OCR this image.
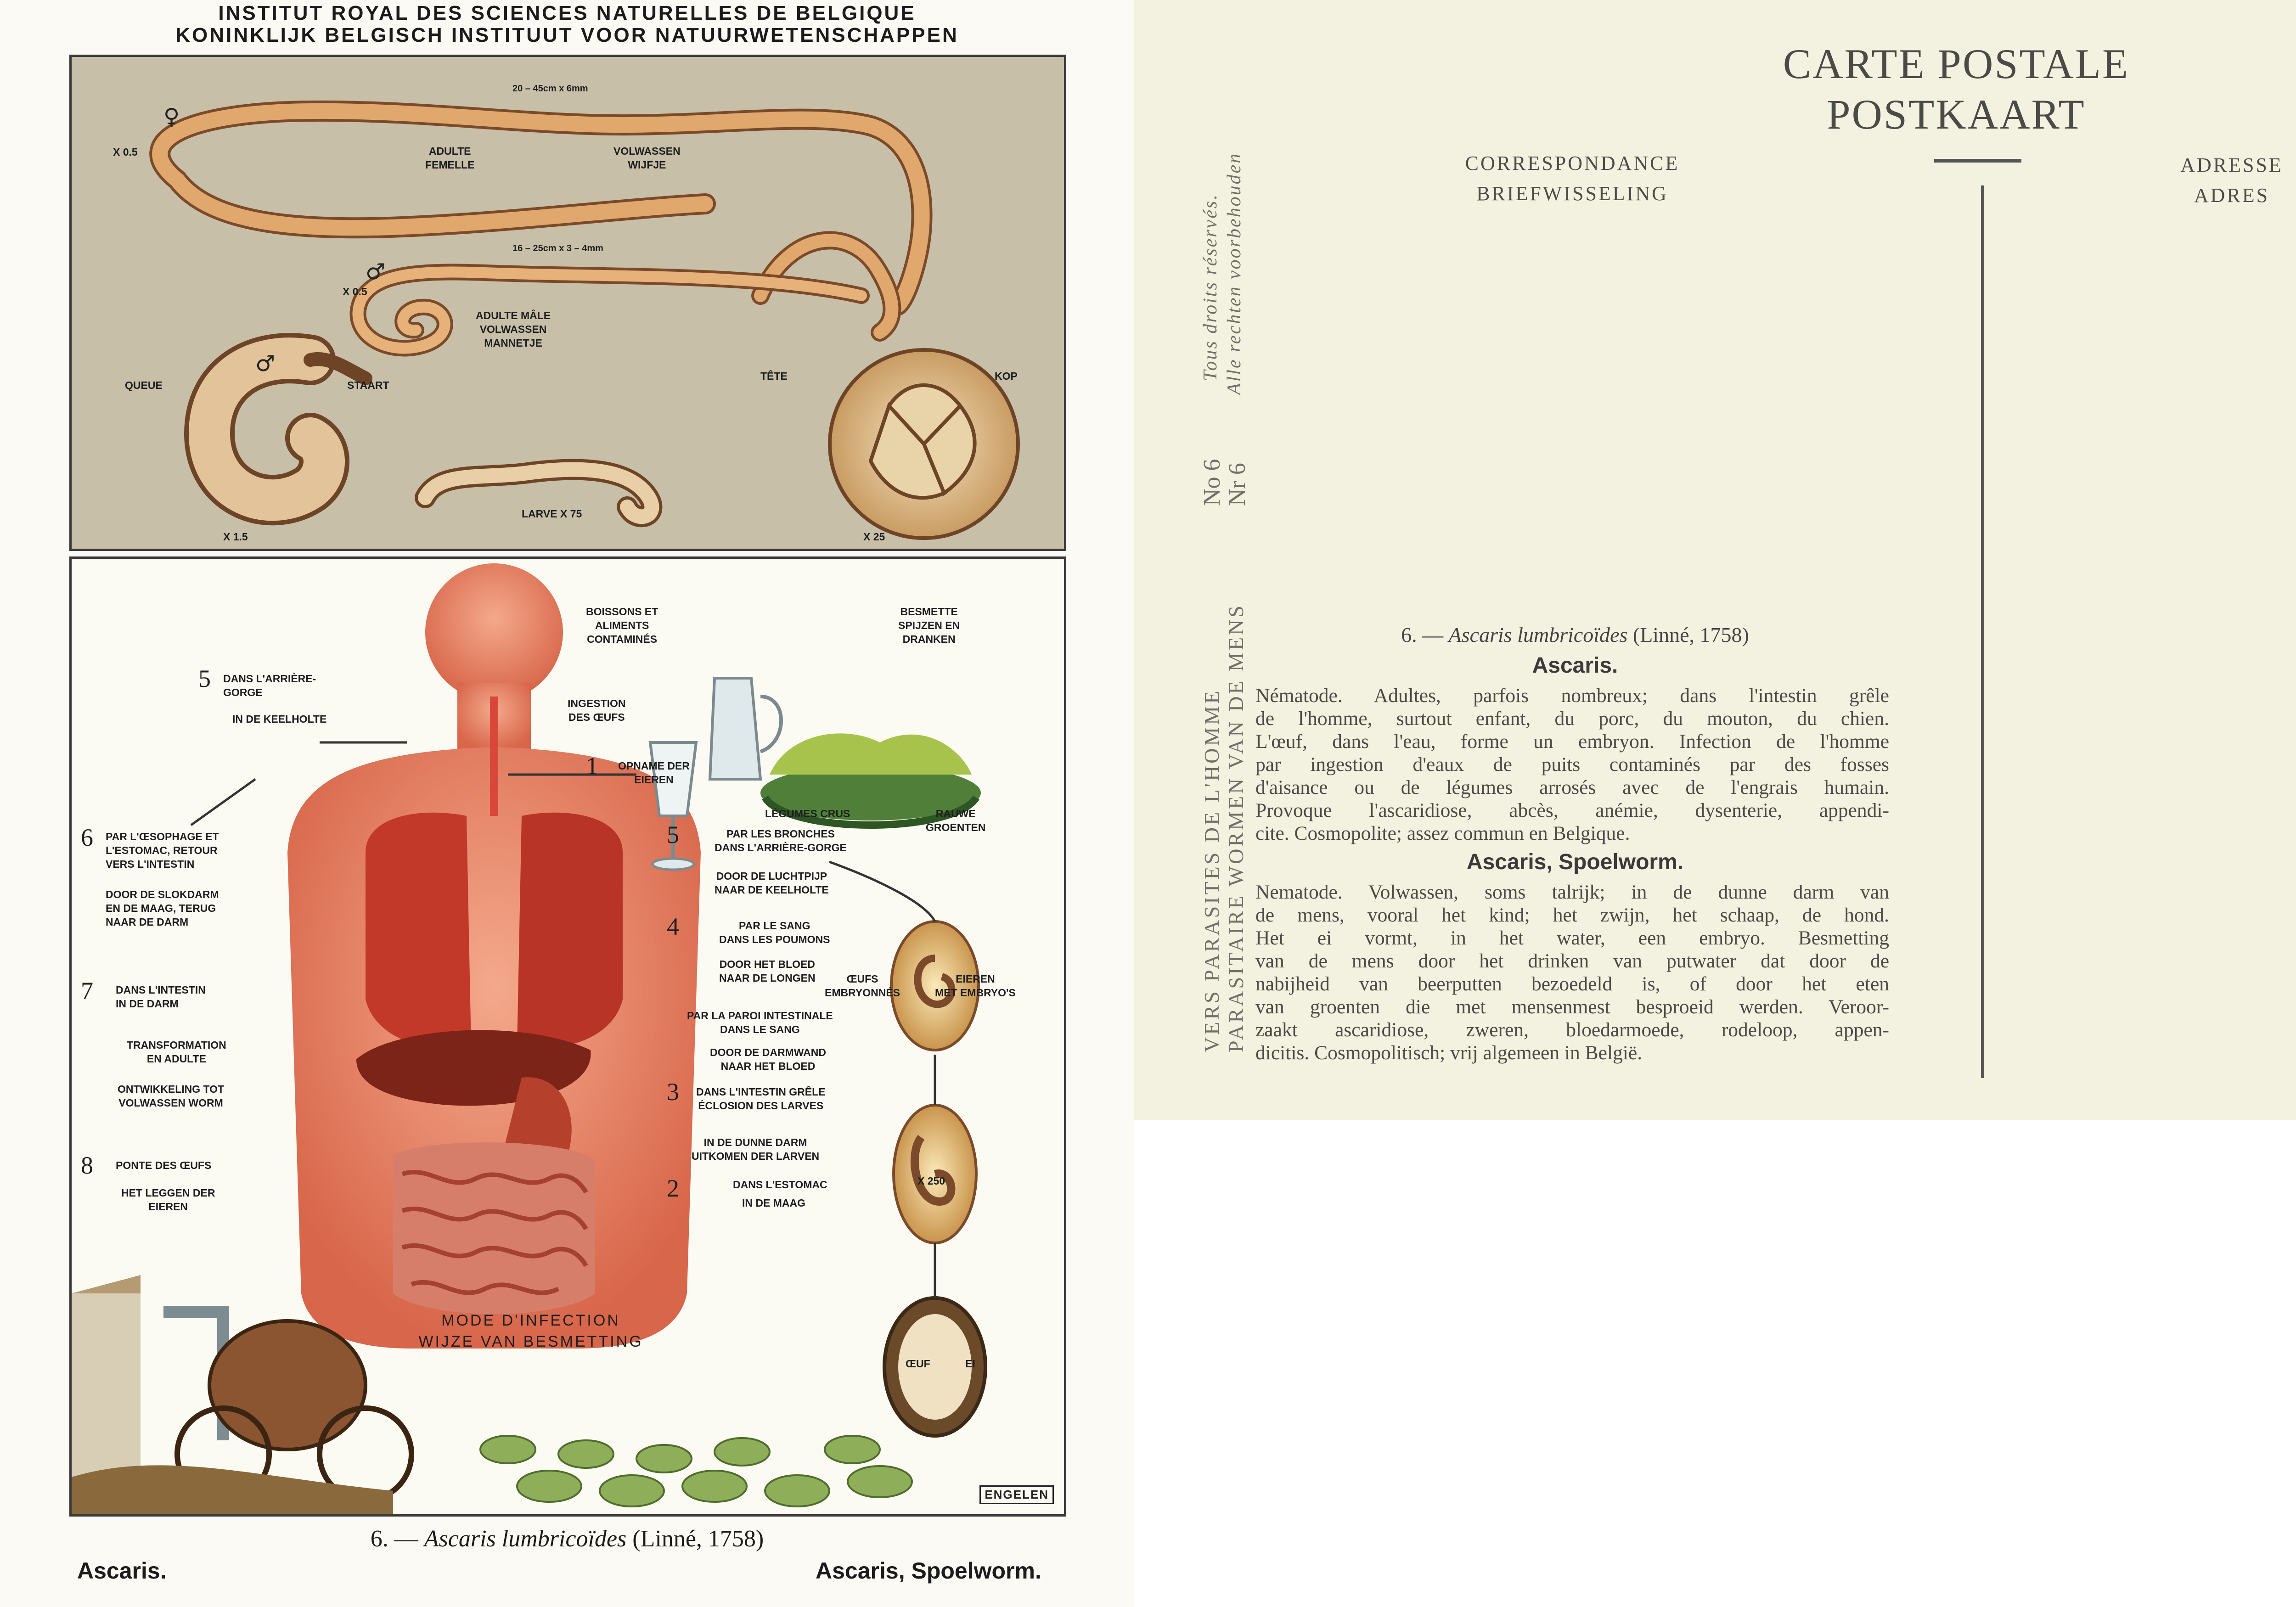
INSTITUT ROYAL DES SCIENCES NATURELLES DE BELGIQUE
KONINKLIJK BELGISCH INSTITUUT VOOR NATUURWETENSCHAPPEN
20 – 45cm x 6mm
♀
X 0.5	ADULTE
FEMELLE
VOLWASSEN
WIJFJE
16 – 25cm x 3 – 4mm
X 0.5
♂
ADULTE MÂLE
VOLWASSEN
MANNETJE
QUEUE	STAART
♂
X 1.5
LARVE X 75
TÊTE	KOP
X 25
BOISSONS ET
ALIMENTS
CONTAMINÉS
BESMETTE
SPIJZEN EN
DRANKEN
INGESTION
DES ŒUFS
1 OPNAME DER
EIEREN
LÉGUMES CRUS	RAUWE
GROENTEN
5 DANS L'ARRIÈRE-
GORGE
IN DE KEELHOLTE
6 PAR L'ŒSOPHAGE ET
L'ESTOMAC, RETOUR
VERS L'INTESTIN
DOOR DE SLOKDARM
EN DE MAAG, TERUG
NAAR DE DARM
7 DANS L'INTESTIN
IN DE DARM
TRANSFORMATION
EN ADULTE
ONTWIKKELING TOT
VOLWASSEN WORM
8 PONTE DES ŒUFS
HET LEGGEN DER
EIEREN
5	PAR LES BRONCHES
DANS L'ARRIÈRE-GORGE
DOOR DE LUCHTPIJP
NAAR DE KEELHOLTE
4	PAR LE SANG
DANS LES POUMONS
DOOR HET BLOED
NAAR DE LONGEN
PAR LA PAROI INTESTINALE
DANS LE SANG
DOOR DE DARMWAND
NAAR HET BLOED
ŒUFS
EMBRYONNÉS
EIEREN
MET EMBRYO'S
3 DANS L'INTESTIN GRÊLE
ÉCLOSION DES LARVES
IN DE DUNNE DARM
UITKOMEN DER LARVEN
2	DANS L'ESTOMAC
IN DE MAAG
X 250
ŒUF	EI
MODE D'INFECTION
WIJZE VAN BESMETTING
ENGELEN
6. — Ascaris lumbricoïdes (Linné, 1758)
Ascaris.	Ascaris, Spoelworm.
CARTE POSTALE
POSTKAART
CORRESPONDANCE
BRIEFWISSELING
ADRESSE
ADRES
Tous droits réservés. Alle rechten voorbehouden
No 6
Nr 6
VERS PARASITES DE L'HOMME PARASITAIRE WORMEN VAN DE MENS	6. — Ascaris lumbricoïdes (Linné, 1758)
Ascaris.
Nématode. Adultes, parfois nombreux; dans l'intestin grêle
de l'homme, surtout enfant, du porc, du mouton, du chien.
L'œuf, dans l'eau, forme un embryon. Infection de l'homme
par ingestion d'eaux de puits contaminés par des fosses
d'aisance ou de légumes arrosés avec de l'engrais humain.
Provoque l'ascaridiose, abcès, anémie, dysenterie, appendi-
cite. Cosmopolite; assez commun en Belgique.
Ascaris, Spoelworm.
Nematode. Volwassen, soms talrijk; in de dunne darm van
de mens, vooral het kind; het zwijn, het schaap, de hond.
Het ei vormt, in het water, een embryo. Besmetting
van de mens door het drinken van putwater dat door de
nabijheid van beerputten bezoedeld is, of door het eten
van groenten die met mensenmest besproeid werden. Veroor-
zaakt ascaridiose, zweren, bloedarmoede, rodeloop, appen-
dicitis. Cosmopolitisch; vrij algemeen in België.
